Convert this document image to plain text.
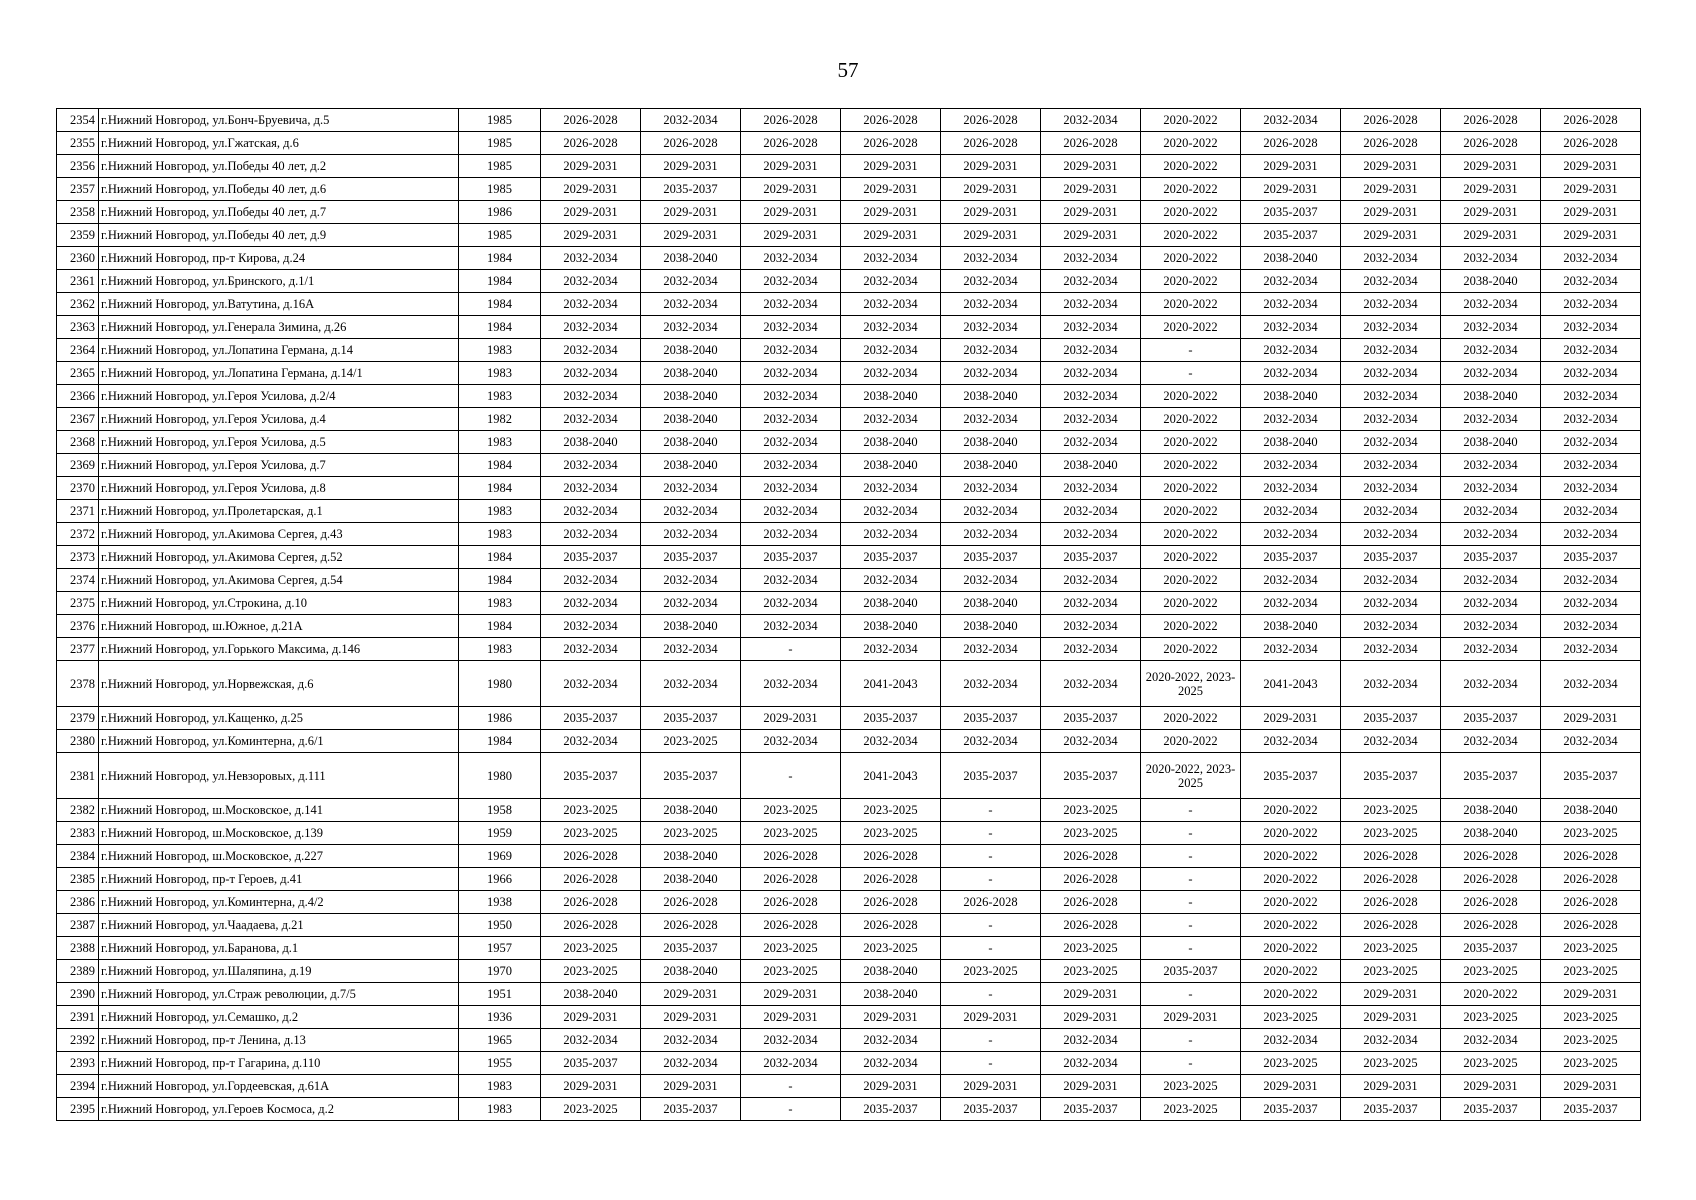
57
2354	г.Нижний Новгород, ул.Бонч-Бруевича, д.5	1985	2026-2028	2032-2034	2026-2028	2026-2028	2026-2028	2032-2034	2020-2022	2032-2034	2026-2028	2026-2028	2026-2028
2355	г.Нижний Новгород, ул.Гжатская, д.6	1985	2026-2028	2026-2028	2026-2028	2026-2028	2026-2028	2026-2028	2020-2022	2026-2028	2026-2028	2026-2028	2026-2028
2356	г.Нижний Новгород, ул.Победы 40 лет, д.2	1985	2029-2031	2029-2031	2029-2031	2029-2031	2029-2031	2029-2031	2020-2022	2029-2031	2029-2031	2029-2031	2029-2031
2357	г.Нижний Новгород, ул.Победы 40 лет, д.6	1985	2029-2031	2035-2037	2029-2031	2029-2031	2029-2031	2029-2031	2020-2022	2029-2031	2029-2031	2029-2031	2029-2031
2358	г.Нижний Новгород, ул.Победы 40 лет, д.7	1986	2029-2031	2029-2031	2029-2031	2029-2031	2029-2031	2029-2031	2020-2022	2035-2037	2029-2031	2029-2031	2029-2031
2359	г.Нижний Новгород, ул.Победы 40 лет, д.9	1985	2029-2031	2029-2031	2029-2031	2029-2031	2029-2031	2029-2031	2020-2022	2035-2037	2029-2031	2029-2031	2029-2031
2360	г.Нижний Новгород, пр-т Кирова, д.24	1984	2032-2034	2038-2040	2032-2034	2032-2034	2032-2034	2032-2034	2020-2022	2038-2040	2032-2034	2032-2034	2032-2034
2361	г.Нижний Новгород, ул.Бринского, д.1/1	1984	2032-2034	2032-2034	2032-2034	2032-2034	2032-2034	2032-2034	2020-2022	2032-2034	2032-2034	2038-2040	2032-2034
2362	г.Нижний Новгород, ул.Ватутина, д.16А	1984	2032-2034	2032-2034	2032-2034	2032-2034	2032-2034	2032-2034	2020-2022	2032-2034	2032-2034	2032-2034	2032-2034
2363	г.Нижний Новгород, ул.Генерала Зимина, д.26	1984	2032-2034	2032-2034	2032-2034	2032-2034	2032-2034	2032-2034	2020-2022	2032-2034	2032-2034	2032-2034	2032-2034
2364	г.Нижний Новгород, ул.Лопатина Германа, д.14	1983	2032-2034	2038-2040	2032-2034	2032-2034	2032-2034	2032-2034	-	2032-2034	2032-2034	2032-2034	2032-2034
2365	г.Нижний Новгород, ул.Лопатина Германа, д.14/1	1983	2032-2034	2038-2040	2032-2034	2032-2034	2032-2034	2032-2034	-	2032-2034	2032-2034	2032-2034	2032-2034
2366	г.Нижний Новгород, ул.Героя Усилова, д.2/4	1983	2032-2034	2038-2040	2032-2034	2038-2040	2038-2040	2032-2034	2020-2022	2038-2040	2032-2034	2038-2040	2032-2034
2367	г.Нижний Новгород, ул.Героя Усилова, д.4	1982	2032-2034	2038-2040	2032-2034	2032-2034	2032-2034	2032-2034	2020-2022	2032-2034	2032-2034	2032-2034	2032-2034
2368	г.Нижний Новгород, ул.Героя Усилова, д.5	1983	2038-2040	2038-2040	2032-2034	2038-2040	2038-2040	2032-2034	2020-2022	2038-2040	2032-2034	2038-2040	2032-2034
2369	г.Нижний Новгород, ул.Героя Усилова, д.7	1984	2032-2034	2038-2040	2032-2034	2038-2040	2038-2040	2038-2040	2020-2022	2032-2034	2032-2034	2032-2034	2032-2034
2370	г.Нижний Новгород, ул.Героя Усилова, д.8	1984	2032-2034	2032-2034	2032-2034	2032-2034	2032-2034	2032-2034	2020-2022	2032-2034	2032-2034	2032-2034	2032-2034
2371	г.Нижний Новгород, ул.Пролетарская, д.1	1983	2032-2034	2032-2034	2032-2034	2032-2034	2032-2034	2032-2034	2020-2022	2032-2034	2032-2034	2032-2034	2032-2034
2372	г.Нижний Новгород, ул.Акимова Сергея, д.43	1983	2032-2034	2032-2034	2032-2034	2032-2034	2032-2034	2032-2034	2020-2022	2032-2034	2032-2034	2032-2034	2032-2034
2373	г.Нижний Новгород, ул.Акимова Сергея, д.52	1984	2035-2037	2035-2037	2035-2037	2035-2037	2035-2037	2035-2037	2020-2022	2035-2037	2035-2037	2035-2037	2035-2037
2374	г.Нижний Новгород, ул.Акимова Сергея, д.54	1984	2032-2034	2032-2034	2032-2034	2032-2034	2032-2034	2032-2034	2020-2022	2032-2034	2032-2034	2032-2034	2032-2034
2375	г.Нижний Новгород, ул.Строкина, д.10	1983	2032-2034	2032-2034	2032-2034	2038-2040	2038-2040	2032-2034	2020-2022	2032-2034	2032-2034	2032-2034	2032-2034
2376	г.Нижний Новгород, ш.Южное, д.21А	1984	2032-2034	2038-2040	2032-2034	2038-2040	2038-2040	2032-2034	2020-2022	2038-2040	2032-2034	2032-2034	2032-2034
2377	г.Нижний Новгород, ул.Горького Максима, д.146	1983	2032-2034	2032-2034	-	2032-2034	2032-2034	2032-2034	2020-2022	2032-2034	2032-2034	2032-2034	2032-2034
2378	г.Нижний Новгород, ул.Норвежская, д.6	1980	2032-2034	2032-2034	2032-2034	2041-2043	2032-2034	2032-2034	2020-2022, 2023-2025	2041-2043	2032-2034	2032-2034	2032-2034
2379	г.Нижний Новгород, ул.Кащенко, д.25	1986	2035-2037	2035-2037	2029-2031	2035-2037	2035-2037	2035-2037	2020-2022	2029-2031	2035-2037	2035-2037	2029-2031
2380	г.Нижний Новгород, ул.Коминтерна, д.6/1	1984	2032-2034	2023-2025	2032-2034	2032-2034	2032-2034	2032-2034	2020-2022	2032-2034	2032-2034	2032-2034	2032-2034
2381	г.Нижний Новгород, ул.Невзоровых, д.111	1980	2035-2037	2035-2037	-	2041-2043	2035-2037	2035-2037	2020-2022, 2023-2025	2035-2037	2035-2037	2035-2037	2035-2037
2382	г.Нижний Новгород, ш.Московское, д.141	1958	2023-2025	2038-2040	2023-2025	2023-2025	-	2023-2025	-	2020-2022	2023-2025	2038-2040	2038-2040
2383	г.Нижний Новгород, ш.Московское, д.139	1959	2023-2025	2023-2025	2023-2025	2023-2025	-	2023-2025	-	2020-2022	2023-2025	2038-2040	2023-2025
2384	г.Нижний Новгород, ш.Московское, д.227	1969	2026-2028	2038-2040	2026-2028	2026-2028	-	2026-2028	-	2020-2022	2026-2028	2026-2028	2026-2028
2385	г.Нижний Новгород, пр-т Героев, д.41	1966	2026-2028	2038-2040	2026-2028	2026-2028	-	2026-2028	-	2020-2022	2026-2028	2026-2028	2026-2028
2386	г.Нижний Новгород, ул.Коминтерна, д.4/2	1938	2026-2028	2026-2028	2026-2028	2026-2028	2026-2028	2026-2028	-	2020-2022	2026-2028	2026-2028	2026-2028
2387	г.Нижний Новгород, ул.Чаадаева, д.21	1950	2026-2028	2026-2028	2026-2028	2026-2028	-	2026-2028	-	2020-2022	2026-2028	2026-2028	2026-2028
2388	г.Нижний Новгород, ул.Баранова, д.1	1957	2023-2025	2035-2037	2023-2025	2023-2025	-	2023-2025	-	2020-2022	2023-2025	2035-2037	2023-2025
2389	г.Нижний Новгород, ул.Шаляпина, д.19	1970	2023-2025	2038-2040	2023-2025	2038-2040	2023-2025	2023-2025	2035-2037	2020-2022	2023-2025	2023-2025	2023-2025
2390	г.Нижний Новгород, ул.Страж революции, д.7/5	1951	2038-2040	2029-2031	2029-2031	2038-2040	-	2029-2031	-	2020-2022	2029-2031	2020-2022	2029-2031
2391	г.Нижний Новгород, ул.Семашко, д.2	1936	2029-2031	2029-2031	2029-2031	2029-2031	2029-2031	2029-2031	2029-2031	2023-2025	2029-2031	2023-2025	2023-2025
2392	г.Нижний Новгород, пр-т Ленина, д.13	1965	2032-2034	2032-2034	2032-2034	2032-2034	-	2032-2034	-	2032-2034	2032-2034	2032-2034	2023-2025
2393	г.Нижний Новгород, пр-т Гагарина, д.110	1955	2035-2037	2032-2034	2032-2034	2032-2034	-	2032-2034	-	2023-2025	2023-2025	2023-2025	2023-2025
2394	г.Нижний Новгород, ул.Гордеевская, д.61А	1983	2029-2031	2029-2031	-	2029-2031	2029-2031	2029-2031	2023-2025	2029-2031	2029-2031	2029-2031	2029-2031
2395	г.Нижний Новгород, ул.Героев Космоса, д.2	1983	2023-2025	2035-2037	-	2035-2037	2035-2037	2035-2037	2023-2025	2035-2037	2035-2037	2035-2037	2035-2037
